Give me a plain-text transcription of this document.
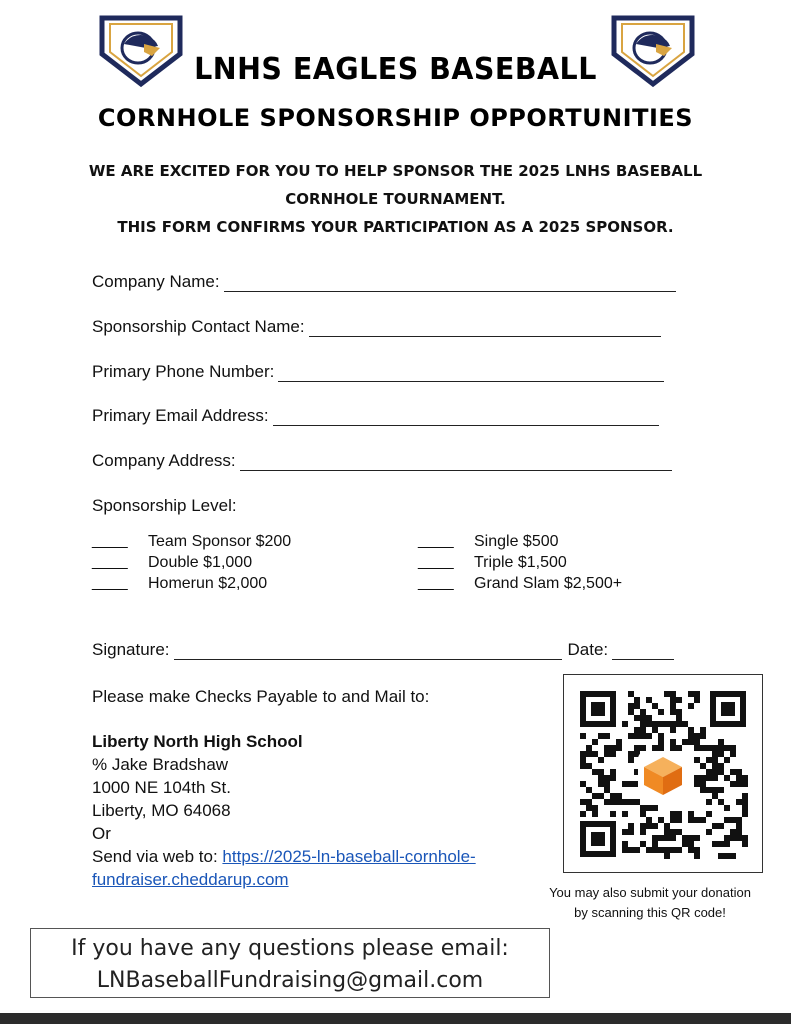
LNHS EAGLES BASEBALL
CORNHOLE SPONSORSHIP OPPORTUNITIES
WE ARE EXCITED FOR YOU TO HELP SPONSOR THE 2025 LNHS BASEBALL
CORNHOLE TOURNAMENT.
THIS FORM CONFIRMS YOUR PARTICIPATION AS A 2025 SPONSOR.
Company Name:
Sponsorship Contact Name:
Primary Phone Number:
Primary Email Address:
Company Address:
Sponsorship Level:
____ Team Sponsor $200
____ Double $1,000
____ Homerun $2,000
____ Single $500
____ Triple $1,500
____ Grand Slam $2,500+
Signature:	Date:
Please make Checks Payable to and Mail to:
Liberty North High School
% Jake Bradshaw
1000 NE 104th St.
Liberty, MO 64068
Or
Send via web to: https://2025-ln-baseball-cornhole-
fundraiser.cheddarup.com
You may also submit your donation
by scanning this QR code!
If you have any questions please email:
LNBaseballFundraising@gmail.com
